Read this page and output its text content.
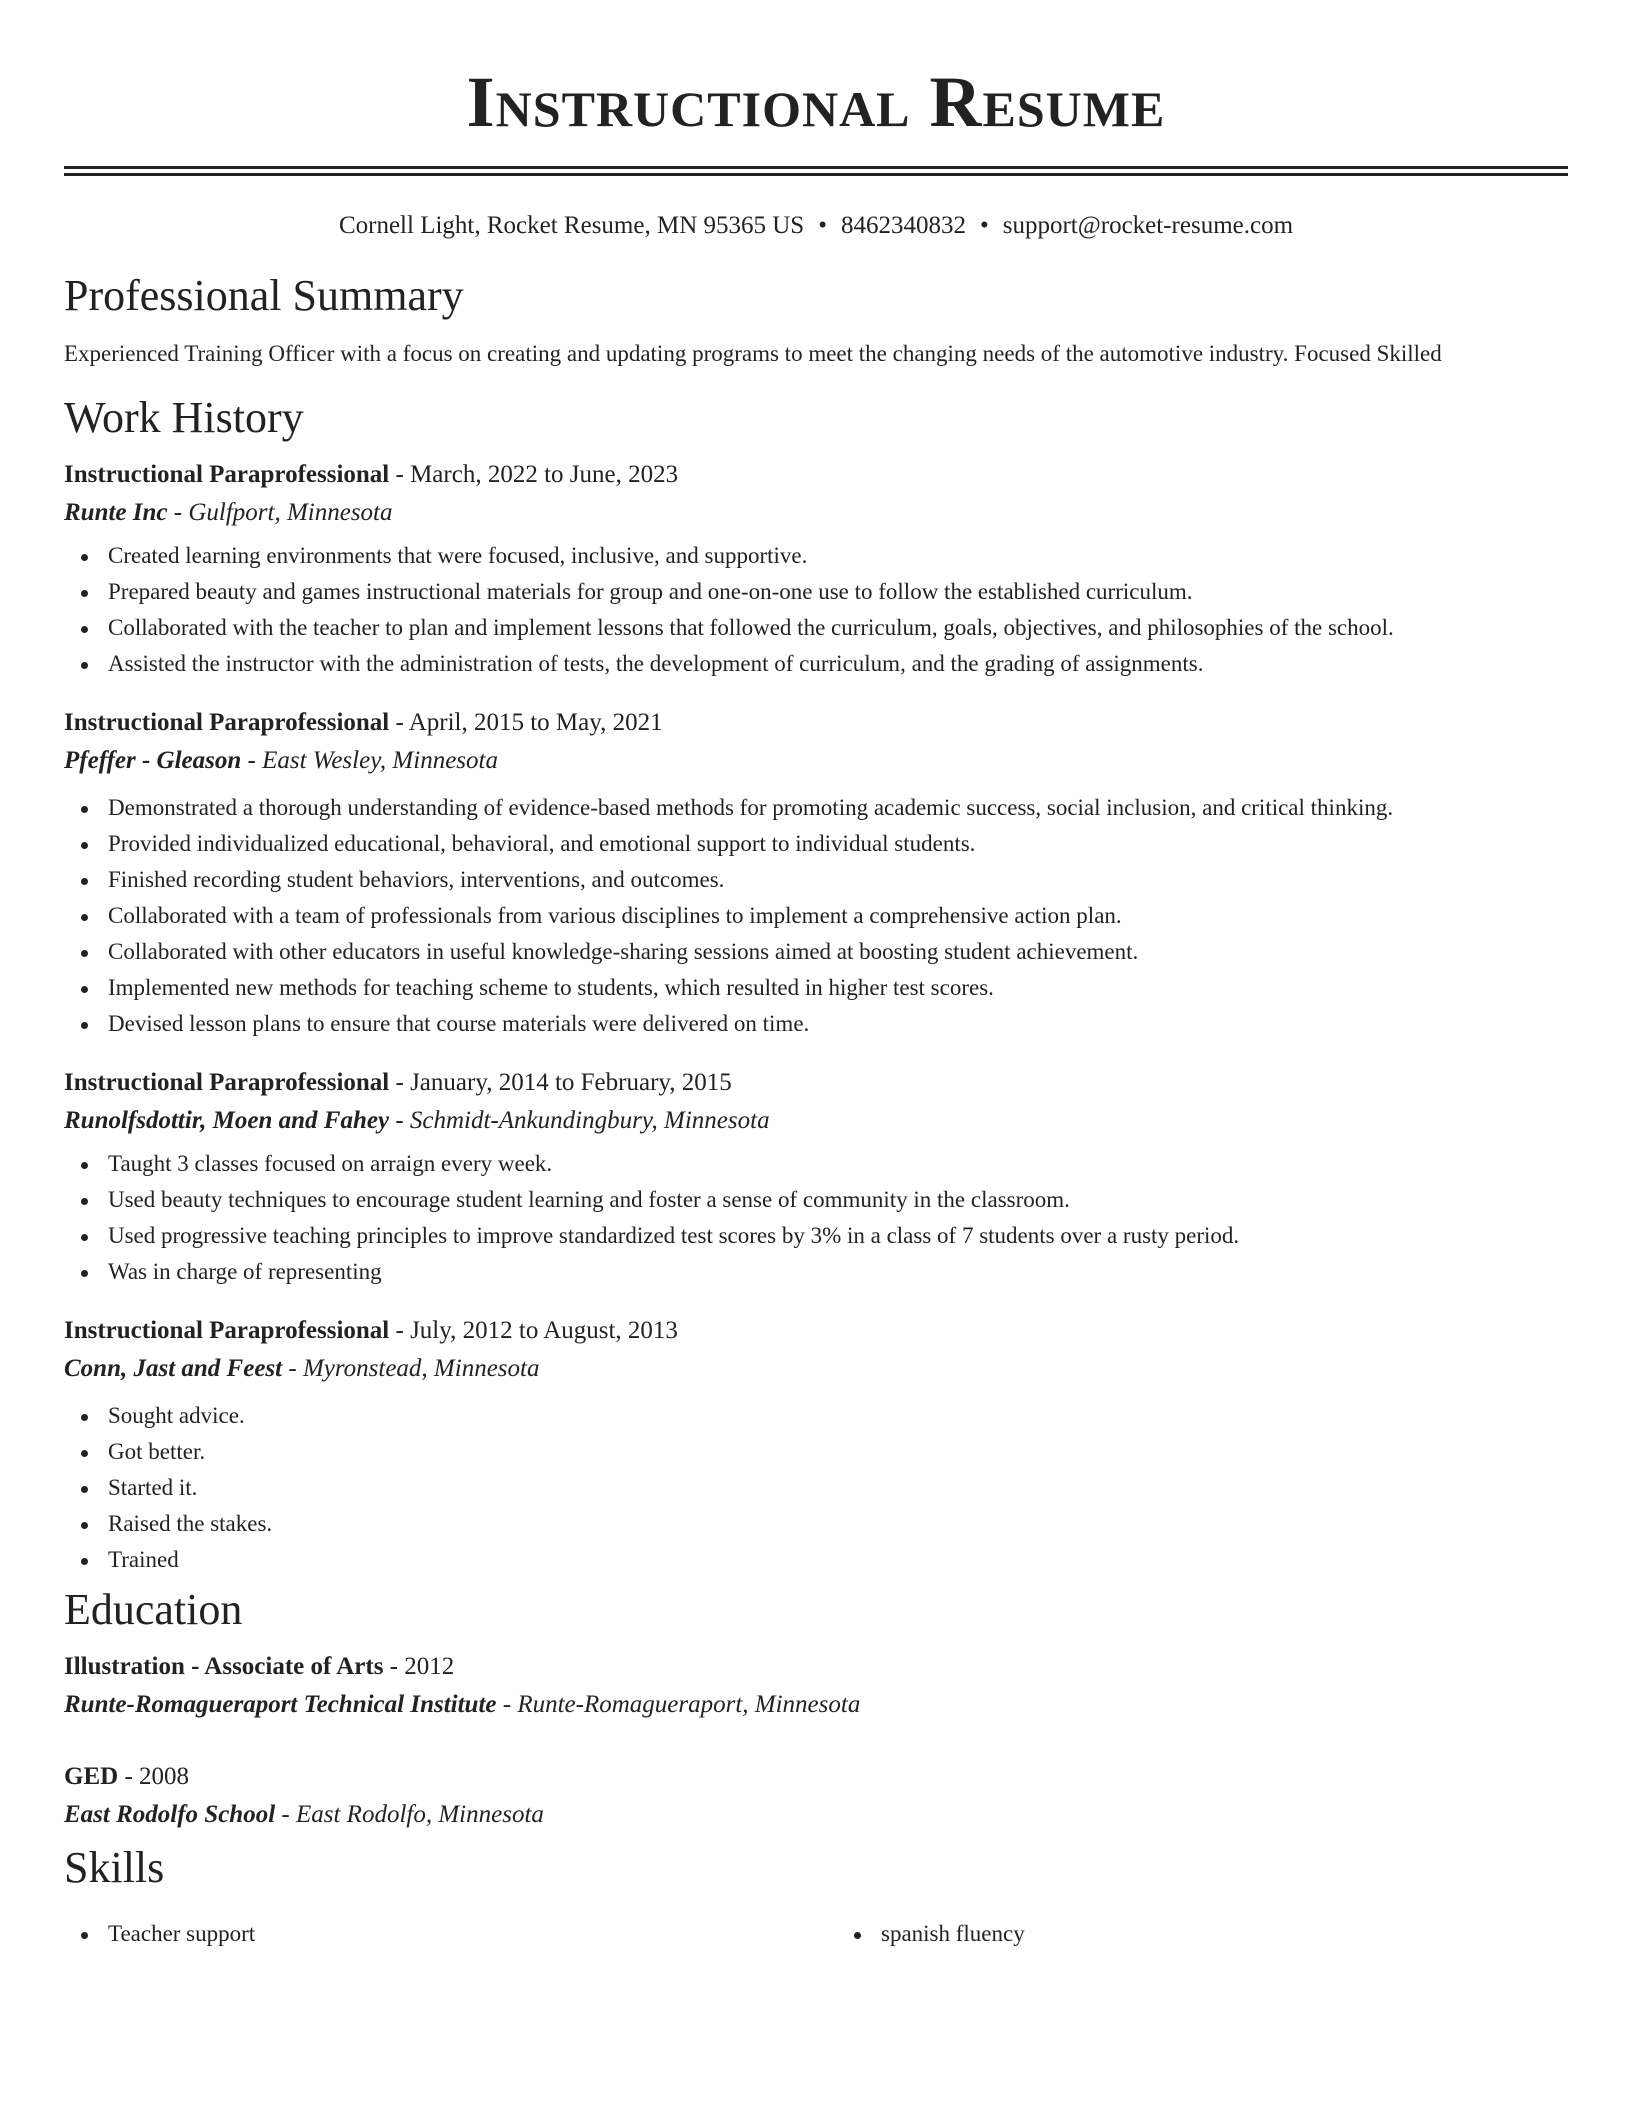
Instructional Resume
Cornell Light, Rocket Resume, MN 95365 US • 8462340832 • support@rocket-resume.com
Professional Summary

Experienced Training Officer with a focus on creating and updating programs to meet the changing needs of the automotive industry. Focused Skilled

Work History

Instructional Paraprofessional - March, 2022 to June, 2023

Runte Inc - Gulfport, Minnesota

Created learning environments that were focused, inclusive, and supportive.
Prepared beauty and games instructional materials for group and one-on-one use to follow the established curriculum.
Collaborated with the teacher to plan and implement lessons that followed the curriculum, goals, objectives, and philosophies of the school.
Assisted the instructor with the administration of tests, the development of curriculum, and the grading of assignments.

Instructional Paraprofessional - April, 2015 to May, 2021

Pfeffer - Gleason - East Wesley, Minnesota

Demonstrated a thorough understanding of evidence-based methods for promoting academic success, social inclusion, and critical thinking.
Provided individualized educational, behavioral, and emotional support to individual students.
Finished recording student behaviors, interventions, and outcomes.
Collaborated with a team of professionals from various disciplines to implement a comprehensive action plan.
Collaborated with other educators in useful knowledge-sharing sessions aimed at boosting student achievement.
Implemented new methods for teaching scheme to students, which resulted in higher test scores.
Devised lesson plans to ensure that course materials were delivered on time.

Instructional Paraprofessional - January, 2014 to February, 2015

Runolfsdottir, Moen and Fahey - Schmidt-Ankundingbury, Minnesota

Taught 3 classes focused on arraign every week.
Used beauty techniques to encourage student learning and foster a sense of community in the classroom.
Used progressive teaching principles to improve standardized test scores by 3% in a class of 7 students over a rusty period.
Was in charge of representing

Instructional Paraprofessional - July, 2012 to August, 2013

Conn, Jast and Feest - Myronstead, Minnesota

Sought advice.
Got better.
Started it.
Raised the stakes.
Trained
Education

Illustration - Associate of Arts - 2012

Runte-Romagueraport Technical Institute - Runte-Romagueraport, Minnesota

GED - 2008

East Rodolfo School - East Rodolfo, Minnesota

Skills
Teacher support	spanish fluency
